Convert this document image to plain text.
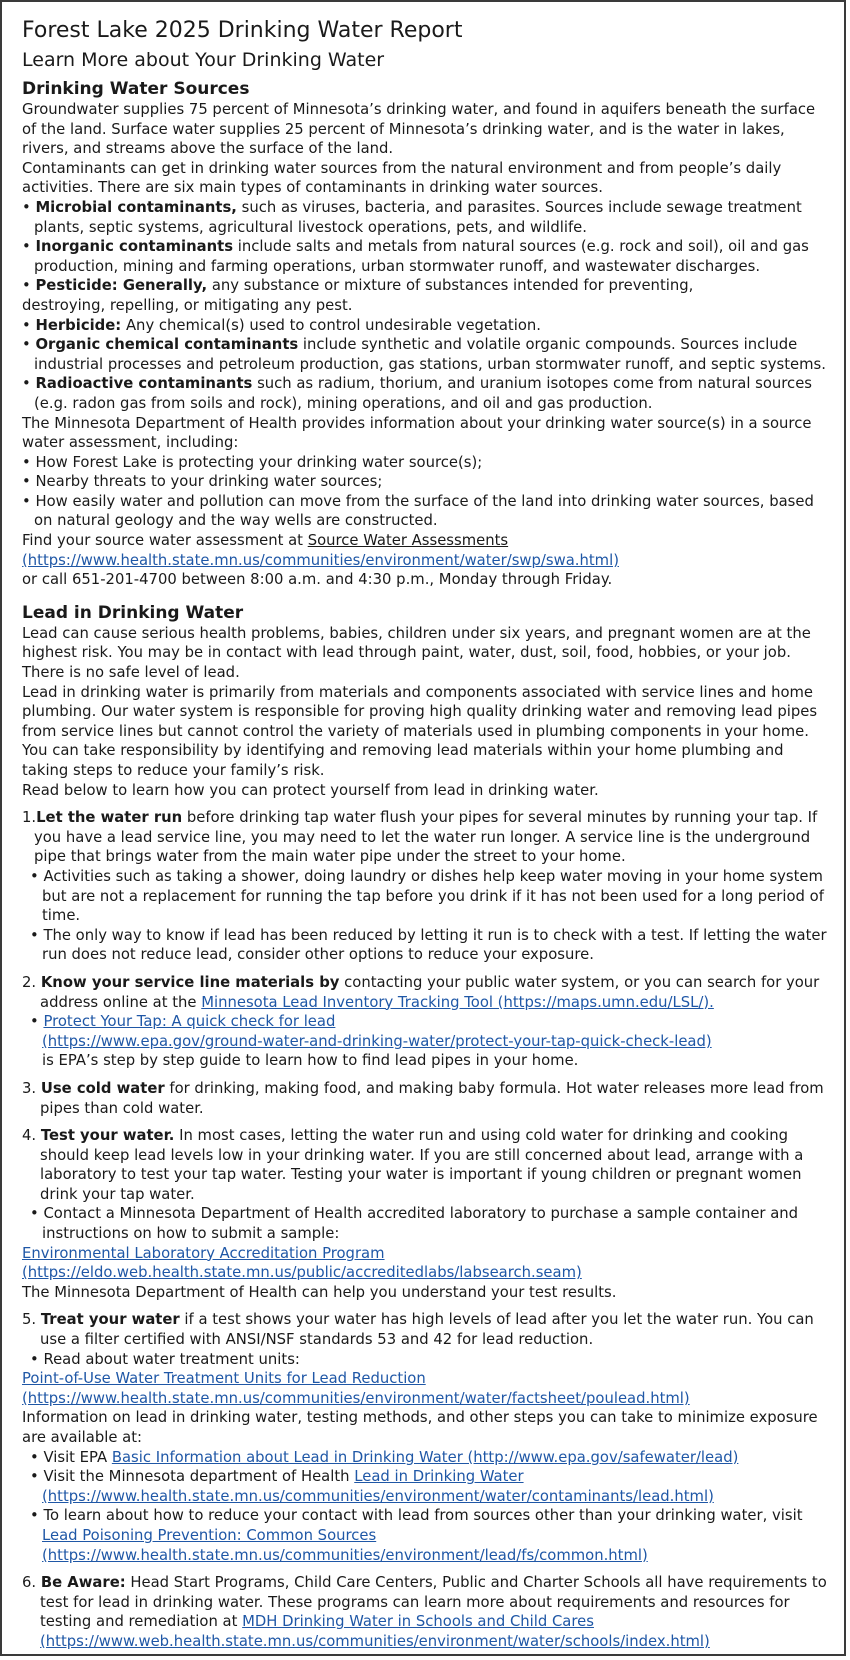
Forest Lake 2025 Drinking Water Report
Learn More about Your Drinking Water
Drinking Water Sources

Groundwater supplies 75 percent of Minnesota’s drinking water, and found in aquifers beneath the surface of the land. Surface water supplies 25 percent of Minnesota’s drinking water, and is the water in lakes, rivers, and streams above the surface of the land.

Contaminants can get in drinking water sources from the natural environment and from people’s daily activities. There are six main types of contaminants in drinking water sources.

• Microbial contaminants, such as viruses, bacteria, and parasites. Sources include sewage treatment plants, septic systems, agricultural livestock operations, pets, and wildlife.

• Inorganic contaminants include salts and metals from natural sources (e.g. rock and soil), oil and gas production, mining and farming operations, urban stormwater runoff, and wastewater discharges.

• Pesticide: Generally, any substance or mixture of substances intended for preventing,

destroying, repelling, or mitigating any pest.

• Herbicide: Any chemical(s) used to control undesirable vegetation.

• Organic chemical contaminants include synthetic and volatile organic compounds. Sources include industrial processes and petroleum production, gas stations, urban stormwater runoff, and septic systems.

• Radioactive contaminants such as radium, thorium, and uranium isotopes come from natural sources (e.g. radon gas from soils and rock), mining operations, and oil and gas production.

The Minnesota Department of Health provides information about your drinking water source(s) in a source water assessment, including:

• How Forest Lake is protecting your drinking water source(s);

• Nearby threats to your drinking water sources;

• How easily water and pollution can move from the surface of the land into drinking water sources, based on natural geology and the way wells are constructed.

Find your source water assessment at Source Water Assessments

(https://www.health.state.mn.us/communities/environment/water/swp/swa.html)

or call 651-201-4700 between 8:00 a.m. and 4:30 p.m., Monday through Friday.

Lead in Drinking Water

Lead can cause serious health problems, babies, children under six years, and pregnant women are at the highest risk. You may be in contact with lead through paint, water, dust, soil, food, hobbies, or your job. There is no safe level of lead.

Lead in drinking water is primarily from materials and components associated with service lines and home plumbing. Our water system is responsible for proving high quality drinking water and removing lead pipes from service lines but cannot control the variety of materials used in plumbing components in your home. You can take responsibility by identifying and removing lead materials within your home plumbing and taking steps to reduce your family’s risk.

Read below to learn how you can protect yourself from lead in drinking water.

1.Let the water run before drinking tap water flush your pipes for several minutes by running your tap. If you have a lead service line, you may need to let the water run longer. A service line is the underground pipe that brings water from the main water pipe under the street to your home.

• Activities such as taking a shower, doing laundry or dishes help keep water moving in your home system but are not a replacement for running the tap before you drink if it has not been used for a long period of time.

• The only way to know if lead has been reduced by letting it run is to check with a test. If letting the water run does not reduce lead, consider other options to reduce your exposure.

2. Know your service line materials by contacting your public water system, or you can search for your address online at the Minnesota Lead Inventory Tracking Tool (https://maps.umn.edu/LSL/).

• Protect Your Tap: A quick check for lead

(https://www.epa.gov/ground-water-and-drinking-water/protect-your-tap-quick-check-lead)

is EPA’s step by step guide to learn how to find lead pipes in your home.

3. Use cold water for drinking, making food, and making baby formula. Hot water releases more lead from pipes than cold water.

4. Test your water. In most cases, letting the water run and using cold water for drinking and cooking should keep lead levels low in your drinking water. If you are still concerned about lead, arrange with a laboratory to test your tap water. Testing your water is important if young children or pregnant women drink your tap water.

• Contact a Minnesota Department of Health accredited laboratory to purchase a sample container and instructions on how to submit a sample:

Environmental Laboratory Accreditation Program

(https://eldo.web.health.state.mn.us/public/accreditedlabs/labsearch.seam)

The Minnesota Department of Health can help you understand your test results.

5. Treat your water if a test shows your water has high levels of lead after you let the water run. You can use a filter certified with ANSI/NSF standards 53 and 42 for lead reduction.

• Read about water treatment units:

Point-of-Use Water Treatment Units for Lead Reduction

(https://www.health.state.mn.us/communities/environment/water/factsheet/poulead.html)

Information on lead in drinking water, testing methods, and other steps you can take to minimize exposure are available at:

• Visit EPA Basic Information about Lead in Drinking Water (http://www.epa.gov/safewater/lead)

• Visit the Minnesota department of Health Lead in Drinking Water

(https://www.health.state.mn.us/communities/environment/water/contaminants/lead.html)

• To learn about how to reduce your contact with lead from sources other than your drinking water, visit

Lead Poisoning Prevention: Common Sources

(https://www.health.state.mn.us/communities/environment/lead/fs/common.html)

6. Be Aware: Head Start Programs, Child Care Centers, Public and Charter Schools all have requirements to test for lead in drinking water. These programs can learn more about requirements and resources for testing and remediation at MDH Drinking Water in Schools and Child Cares

(https://www.web.health.state.mn.us/communities/environment/water/schools/index.html)
